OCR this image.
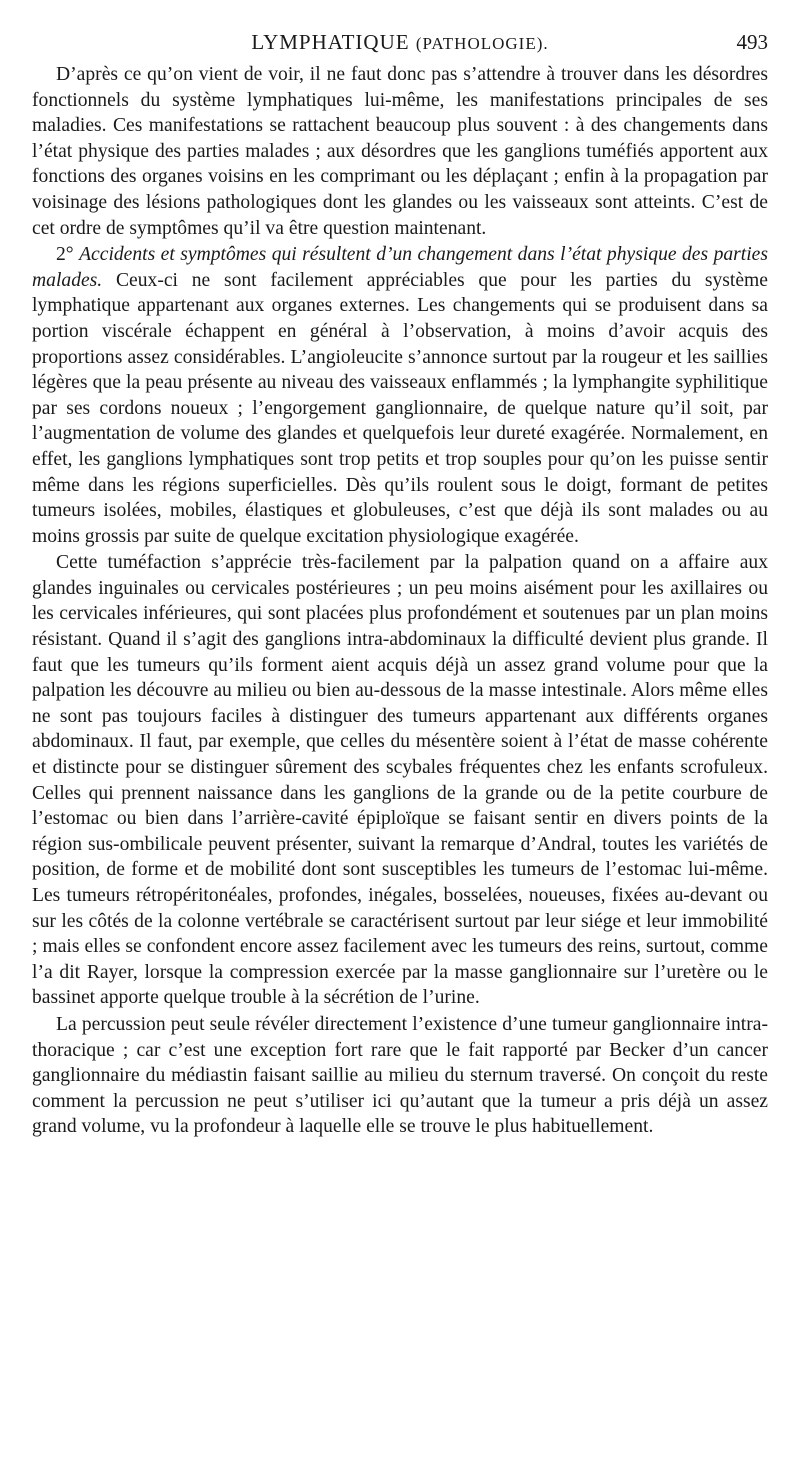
LYMPHATIQUE (PATHOLOGIE).	493

D’après ce qu’on vient de voir, il ne faut donc pas s’attendre à trouver dans les désordres fonctionnels du système lymphatiques lui-même, les manifestations principales de ses maladies. Ces manifestations se rattachent beaucoup plus souvent : à des changements dans l’état physique des parties malades ; aux désordres que les ganglions tuméfiés apportent aux fonctions des organes voisins en les comprimant ou les déplaçant ; enfin à la propagation par voisinage des lésions pathologiques dont les glandes ou les vaisseaux sont atteints. C’est de cet ordre de symptômes qu’il va être question maintenant.

2° Accidents et symptômes qui résultent d’un changement dans l’état physique des parties malades. Ceux-ci ne sont facilement appréciables que pour les parties du système lymphatique appartenant aux organes externes. Les changements qui se produisent dans sa portion viscérale échappent en général à l’observation, à moins d’avoir acquis des proportions assez considérables. L’angioleucite s’annonce surtout par la rougeur et les saillies légères que la peau présente au niveau des vaisseaux enflammés ; la lymphangite syphilitique par ses cordons noueux ; l’engorgement ganglionnaire, de quelque nature qu’il soit, par l’augmentation de volume des glandes et quelquefois leur dureté exagérée. Normalement, en effet, les ganglions lymphatiques sont trop petits et trop souples pour qu’on les puisse sentir même dans les régions superficielles. Dès qu’ils roulent sous le doigt, formant de petites tumeurs isolées, mobiles, élastiques et globuleuses, c’est que déjà ils sont malades ou au moins grossis par suite de quelque excitation physiologique exagérée.

Cette tuméfaction s’apprécie très-facilement par la palpation quand on a affaire aux glandes inguinales ou cervicales postérieures ; un peu moins aisément pour les axillaires ou les cervicales inférieures, qui sont placées plus profondément et soutenues par un plan moins résistant. Quand il s’agit des ganglions intra-abdominaux la difficulté devient plus grande. Il faut que les tumeurs qu’ils forment aient acquis déjà un assez grand volume pour que la palpation les découvre au milieu ou bien au-dessous de la masse intestinale. Alors même elles ne sont pas toujours faciles à distinguer des tumeurs appartenant aux différents organes abdominaux. Il faut, par exemple, que celles du mésentère soient à l’état de masse cohérente et distincte pour se distinguer sûrement des scybales fréquentes chez les enfants scrofuleux. Celles qui prennent naissance dans les ganglions de la grande ou de la petite courbure de l’estomac ou bien dans l’arrière-cavité épiploïque se faisant sentir en divers points de la région sus-ombilicale peuvent présenter, suivant la remarque d’Andral, toutes les variétés de position, de forme et de mobilité dont sont susceptibles les tumeurs de l’estomac lui-même. Les tumeurs rétropéritonéales, profondes, inégales, bosselées, noueuses, fixées au-devant ou sur les côtés de la colonne vertébrale se caractérisent surtout par leur siége et leur immobilité ; mais elles se confondent encore assez facilement avec les tumeurs des reins, surtout, comme l’a dit Rayer, lorsque la compression exercée par la masse ganglionnaire sur l’uretère ou le bassinet apporte quelque trouble à la sécrétion de l’urine.

La percussion peut seule révéler directement l’existence d’une tumeur ganglionnaire intra-thoracique ; car c’est une exception fort rare que le fait rapporté par Becker d’un cancer ganglionnaire du médiastin faisant saillie au milieu du sternum traversé. On conçoit du reste comment la percussion ne peut s’utiliser ici qu’autant que la tumeur a pris déjà un assez grand volume, vu la profondeur à laquelle elle se trouve le plus habituellement.
